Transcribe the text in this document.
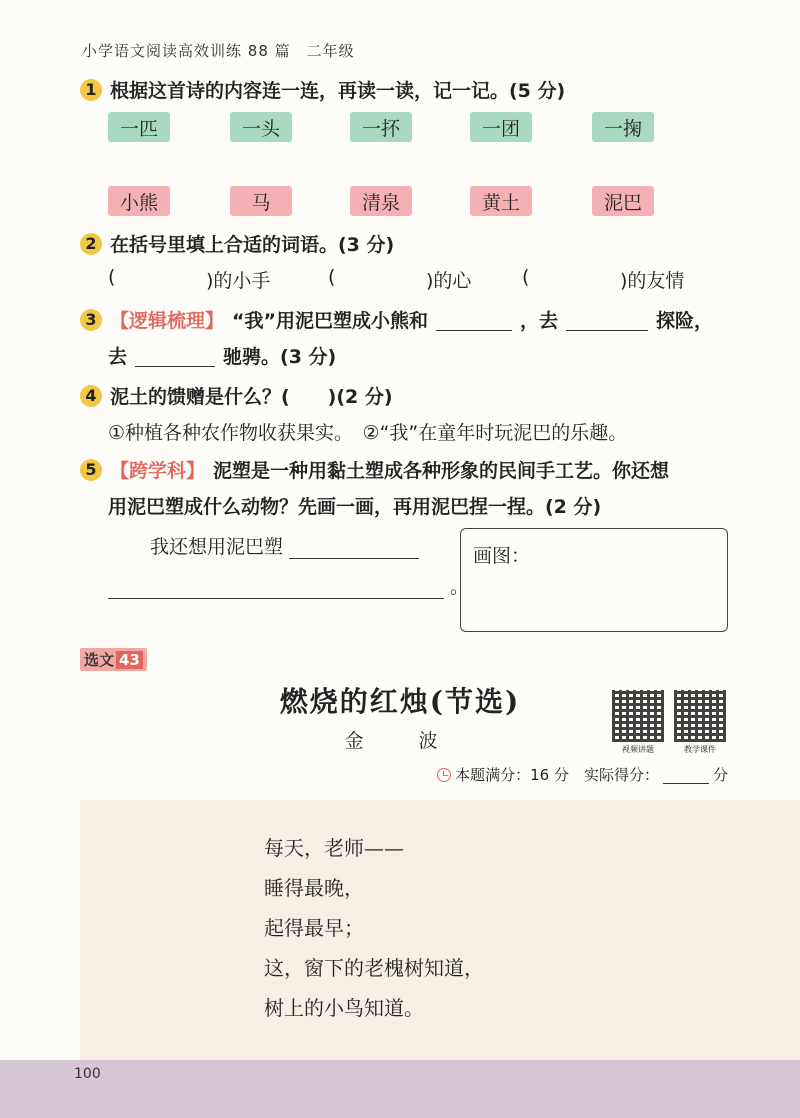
小学语文阅读高效训练 88 篇　二年级
1 根据这首诗的内容连一连，再读一读，记一记。(5 分)
一匹	一头	一抔	一团	一掬
小熊	马	清泉	黄土	泥巴
2 在括号里填上合适的词语。(3 分)
(	)的小手	(	)的心	(	)的友情
3 【逻辑梳理】 “我”用泥巴塑成小熊和	，去	探险，
去	驰骋。(3 分)
4 泥土的馈赠是什么？(　　)(2 分)
①种植各种农作物收获果实。　②“我”在童年时玩泥巴的乐趣。
5 【跨学科】 泥塑是一种用黏土塑成各种形象的民间手工艺。你还想
用泥巴塑成什么动物？先画一画，再用泥巴捏一捏。(2 分)
我还想用泥巴塑
。
画图：
选文 43
燃烧的红烛(节选)
金　波	视频讲题	教学课件
本题满分：16 分　实际得分：	分
每天，老师——
睡得最晚，
起得最早；
这，窗下的老槐树知道，
树上的小鸟知道。
100
